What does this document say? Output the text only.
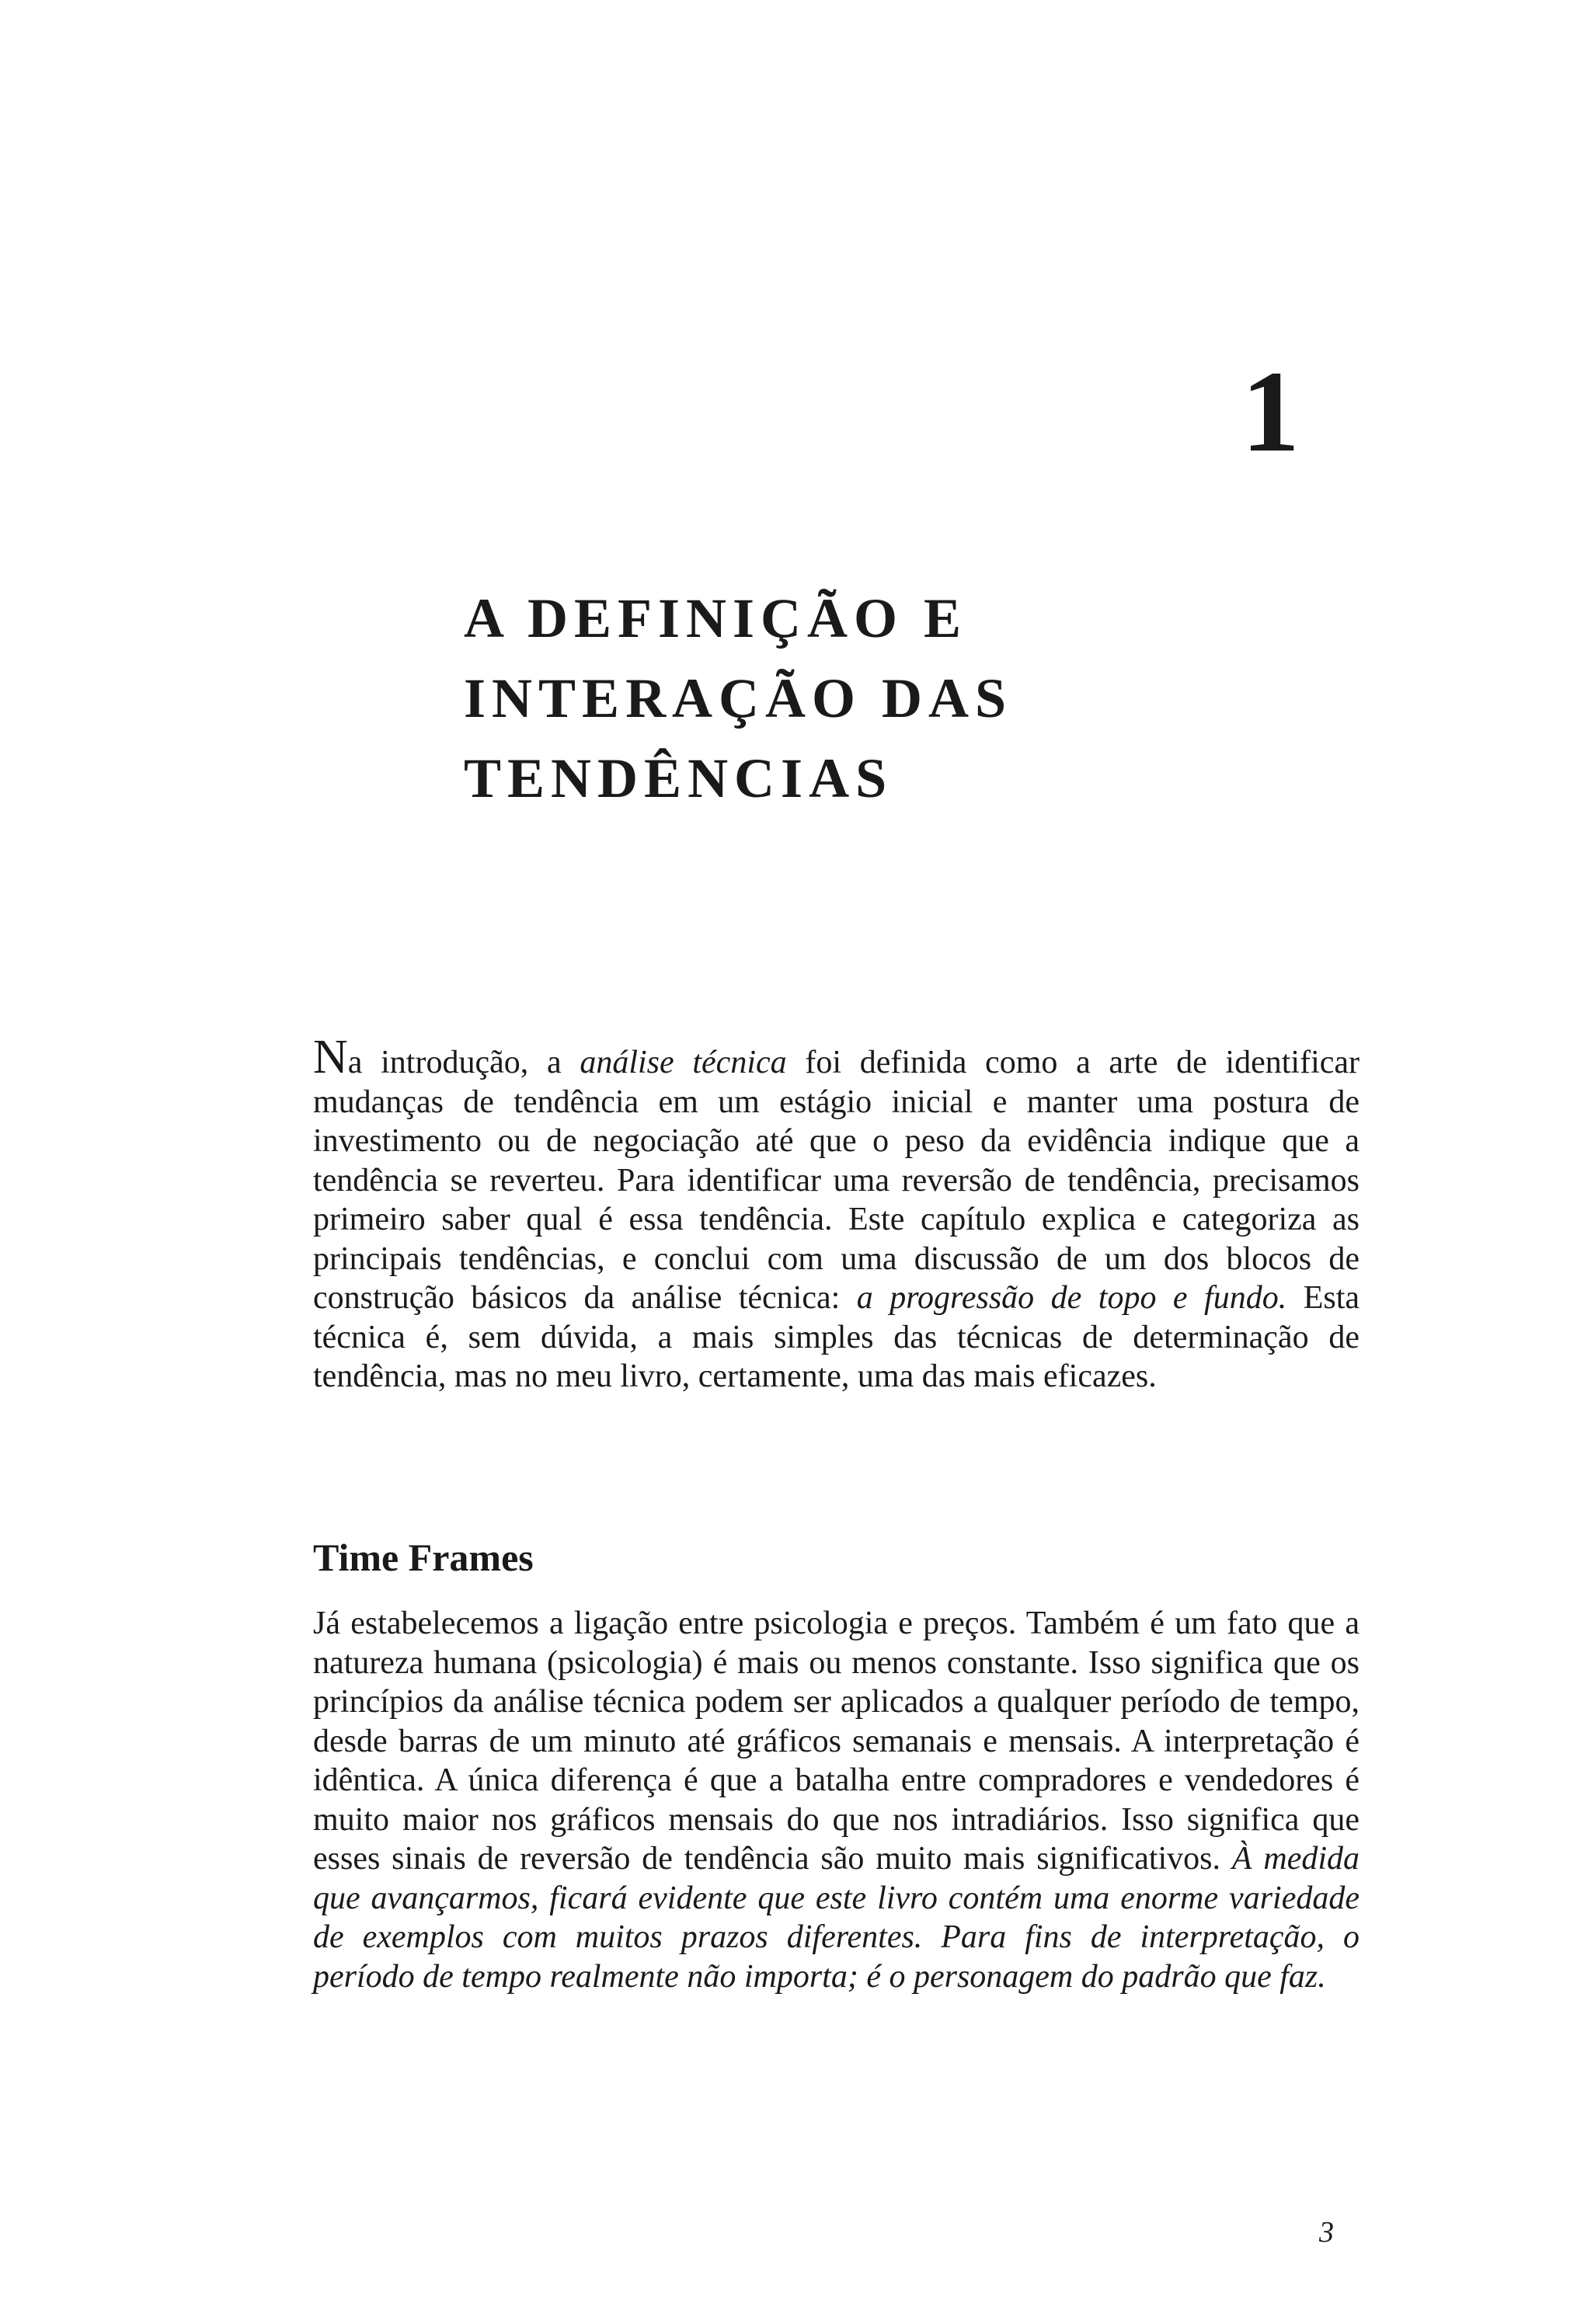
1
A DEFINIÇÃO E
INTERAÇÃO DAS
TENDÊNCIAS

Na introdução, a análise técnica foi definida como a arte de identificar mudanças de tendência em um estágio inicial e manter uma postura de investimento ou de negociação até que o peso da evidência indique que a tendência se reverteu. Para identificar uma reversão de tendência, precisamos primeiro saber qual é essa tendência. Este capítulo explica e categoriza as principais tendências, e conclui com uma discussão de um dos blocos de construção básicos da análise técnica: a progressão de topo e fundo. Esta técnica é, sem dúvida, a mais simples das técnicas de determinação de tendência, mas no meu livro, certamente, uma das mais eficazes.

Time Frames

Já estabelecemos a ligação entre psicologia e preços. Também é um fato que a natureza humana (psicologia) é mais ou menos constante. Isso significa que os princípios da análise técnica podem ser aplicados a qualquer período de tempo, desde barras de um minuto até gráficos semanais e mensais. A interpretação é idêntica. A única diferença é que a batalha entre compradores e vendedores é muito maior nos gráficos mensais do que nos intradiários. Isso significa que esses sinais de reversão de tendência são muito mais significativos. À medida que avançarmos, ficará evidente que este livro contém uma enorme variedade de exemplos com muitos prazos diferentes. Para fins de interpretação, o período de tempo realmente não importa; é o personagem do padrão que faz.

3
